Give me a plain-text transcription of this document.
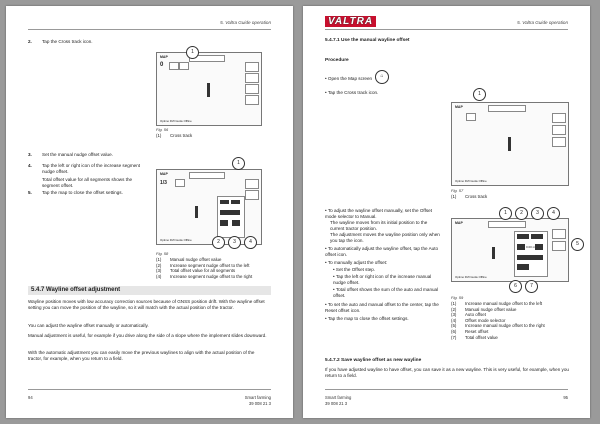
5. Valtra Guide operation
2. Tap the Cross track icon.
MAP
0
Optimo FMI Guide Offline
1
Fig. 56
(1) Cross track
3. Set the manual nudge offset value.
4. Tap the left or right icon of the increase segment nudge offset.
Total offset value for all segments shows the segment offset.
5. Tap the map to close the offset settings.
MAP
1/3
Optimo FMI Guide Offline
1
2	3	4
Fig. 58
(1) Manual nudge offset value
(2) Increase segment nudge offset to the left
(3) Total offset value for all segments
(4) Increase segment nudge offset to the right
5.4.7 Wayline offset adjustment
Wayline position moves with low accuracy correction sources because of GNSS position drift. With the wayline offset setting you can move the position of the wayline, so it will match with the actual position of the tractor.
You can adjust the wayline offset manually or automatically.
Manual adjustment is useful, for example if you drive along the side of a slope where the implement slides downward.
With the automatic adjustment you can easily move the previous waylines to align with the actual position of the tractor, for example, when you return to a field.
94	Smart farming
39 008 21 3
VALTRA	5. Valtra Guide operation
5.4.7.1 Use the manual wayline offset
Procedure
• Open the Map screen	⌂
• Tap the Cross track icon.
MAP
Optimo FMI Guide Offline
1
Fig. 57
(1) Cross track
• To adjust the wayline offset manually, set the Offset mode selector to Manual.
The wayline moves from its initial position to the current tractor position.
The adjustment moves the wayline position only when you tap the icon.
• To automatically adjust the wayline offset, tap the Auto offset icon.
• To manually adjust the offset:
• Set the Offset step.
• Tap the left or right icon of the increase manual nudge offset.
• Total offset shows the sum of the auto and manual offset.
• To set the auto and manual offset to the center, tap the Reset offset icon.
• Tap the map to close the offset settings.
MAP
0.00 m
Optimo FMI Guide Offline
1	2	3	4
5
6	7
Fig. 59
(1) Increase manual nudge offset to the left
(2) Manual nudge offset value
(3) Auto offset
(4) Offset mode selector
(5) Increase manual nudge offset to the right
(6) Reset offset
(7) Total offset value
5.4.7.2 Save wayline offset as new wayline
If you have adjusted wayline to have offset, you can save it as a new wayline. This is very useful, for example, when you return to a field.
Smart farming
39 008 21 3
95
